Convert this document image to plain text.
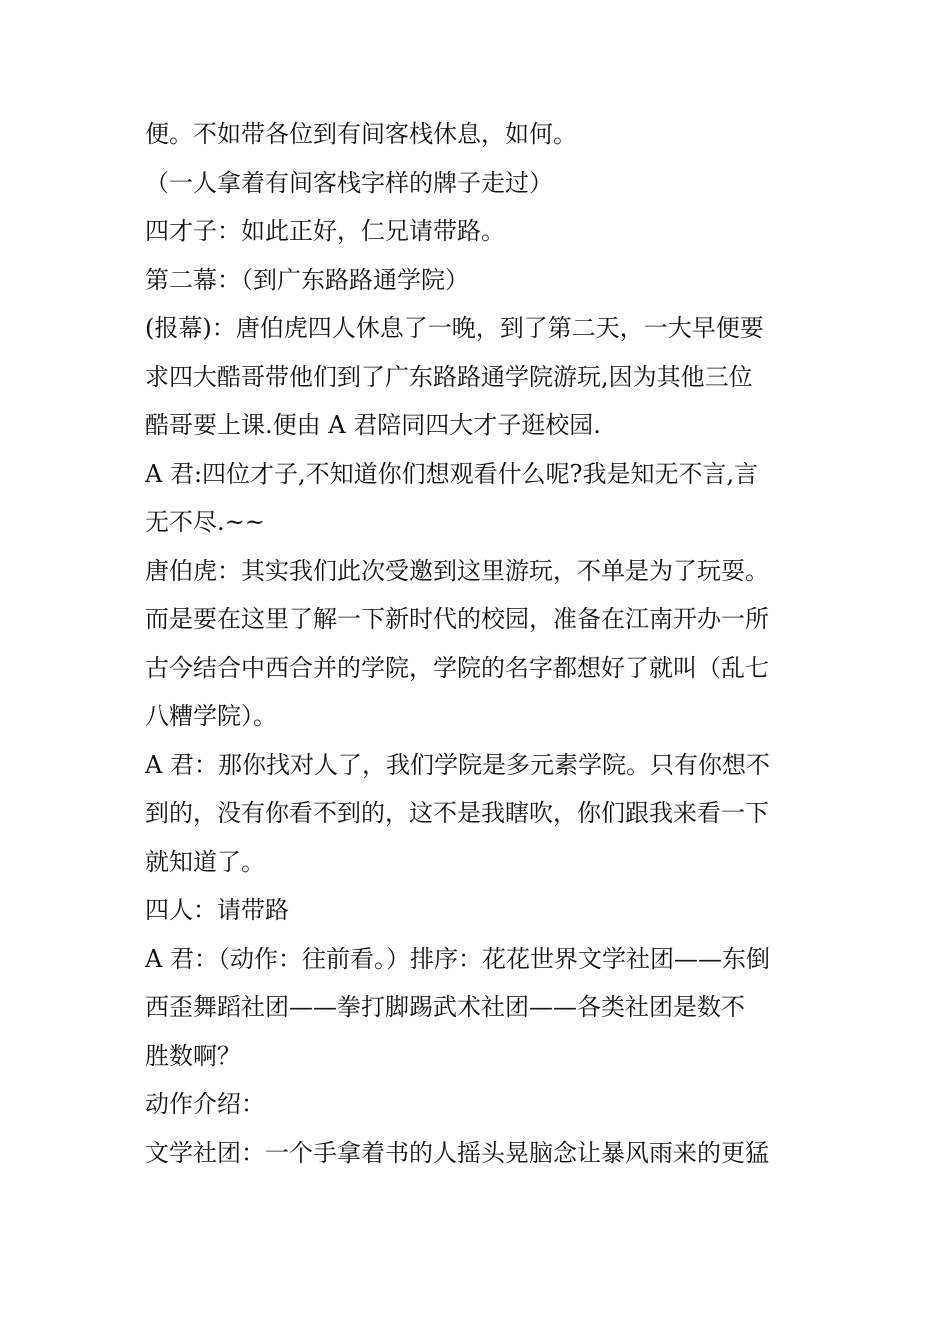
便。不如带各位到有间客栈休息，如何。
（一人拿着有间客栈字样的牌子走过）
四才子：如此正好，仁兄请带路。
第二幕：（到广东路路通学院）
(报幕)：唐伯虎四人休息了一晚，到了第二天，一大早便要
求四大酷哥带他们到了广东路路通学院游玩,因为其他三位
酷哥要上课.便由 A 君陪同四大才子逛校园.
A 君:四位才子,不知道你们想观看什么呢?我是知无不言,言
无不尽.~~
唐伯虎：其实我们此次受邀到这里游玩，不单是为了玩耍。
而是要在这里了解一下新时代的校园，准备在江南开办一所
古今结合中西合并的学院，学院的名字都想好了就叫（乱七
八糟学院）。
A 君：那你找对人了，我们学院是多元素学院。只有你想不
到的，没有你看不到的，这不是我瞎吹，你们跟我来看一下
就知道了。
四人：请带路
A 君：（动作：往前看。）排序：花花世界文学社团——东倒
西歪舞蹈社团——拳打脚踢武术社团——各类社团是数不
胜数啊？
动作介绍：
文学社团：一个手拿着书的人摇头晃脑念让暴风雨来的更猛
